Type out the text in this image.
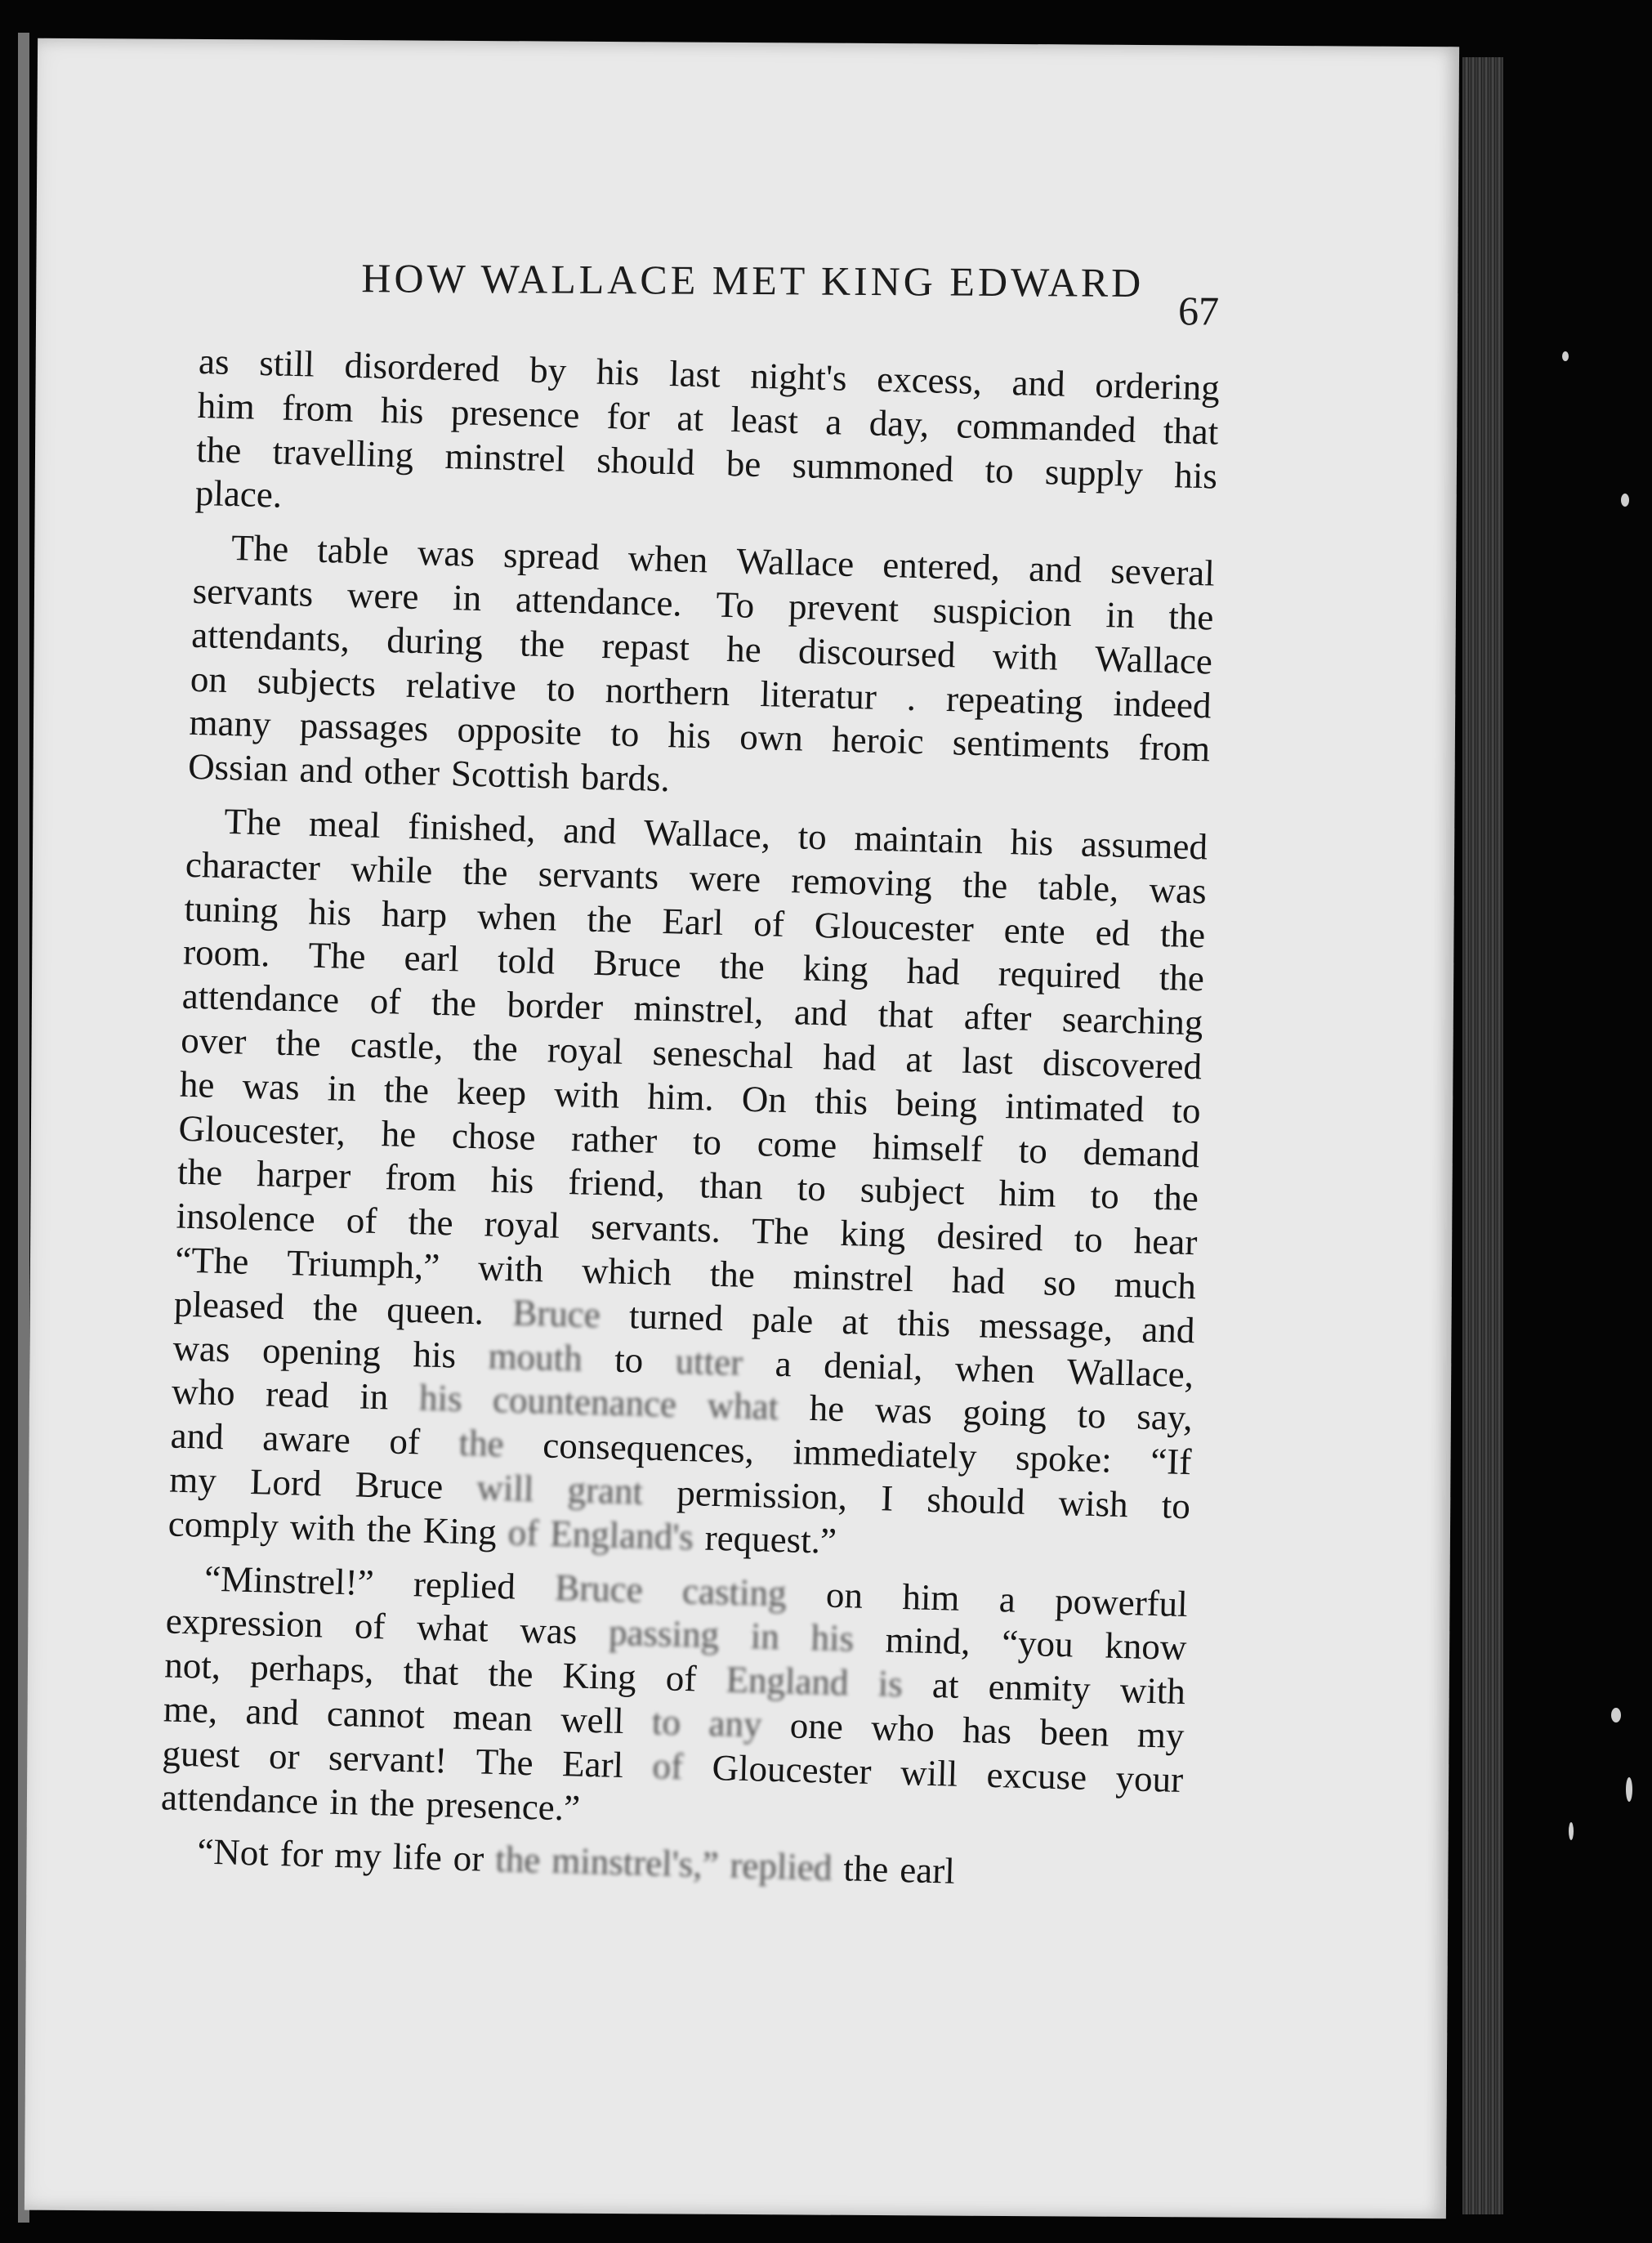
HOW WALLACE MET KING EDWARD
67
as still disordered by his last night's excess, and ordering
him from his presence for at least a day, commanded that
the travelling minstrel should be summoned to supply his
place.
The table was spread when Wallace entered, and several
servants were in attendance. To prevent suspicion in the
attendants, during the repast he discoursed with Wallace
on subjects relative to northern literatur . repeating indeed
many passages opposite to his own heroic sentiments from
Ossian and other Scottish bards.
The meal finished, and Wallace, to maintain his assumed
character while the servants were removing the table, was
tuning his harp when the Earl of Gloucester ente ed the
room. The earl told Bruce the king had required the
attendance of the border minstrel, and that after searching
over the castle, the royal seneschal had at last discovered
he was in the keep with him. On this being intimated to
Gloucester, he chose rather to come himself to demand
the harper from his friend, than to subject him to the
insolence of the royal servants. The king desired to hear
“The Triumph,” with which the minstrel had so much
pleased the queen. Bruce turned pale at this message, and
was opening his mouth to utter a denial, when Wallace,
who read in his countenance what he was going to say,
and aware of the consequences, immediately spoke: “If
my Lord Bruce will grant permission, I should wish to
comply with the King of England's request.”
“Minstrel!” replied Bruce casting on him a powerful
expression of what was passing in his mind, “you know
not, perhaps, that the King of England is at enmity with
me, and cannot mean well to any one who has been my
guest or servant! The Earl of Gloucester will excuse your
attendance in the presence.”
“Not for my life or the minstrel's,” replied the earl
